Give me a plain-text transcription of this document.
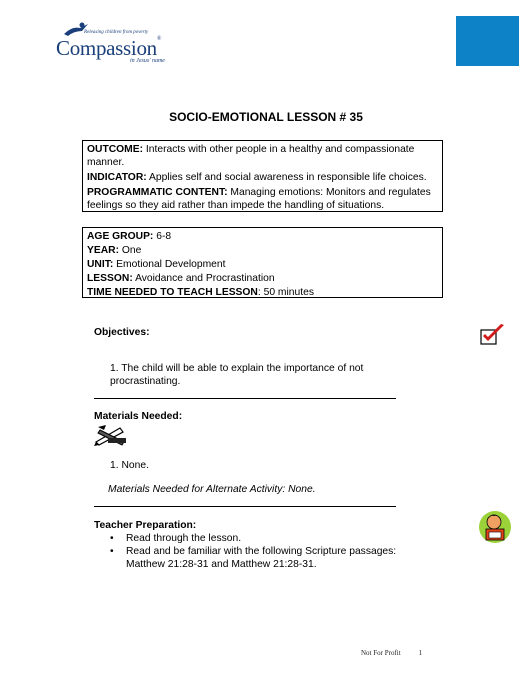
Releasing children from poverty
Compassion®
in Jesus' name
SOCIO-EMOTIONAL LESSON # 35

OUTCOME: Interacts with other people in a healthy and compassionate manner.

INDICATOR: Applies self and social awareness in responsible life choices.

PROGRAMMATIC CONTENT: Managing emotions: Monitors and regulates feelings so they aid rather than impede the handling of situations.

AGE GROUP: 6-8
YEAR: One
UNIT: Emotional Development
LESSON: Avoidance and Procrastination
TIME NEEDED TO TEACH LESSON: 50 minutes
Objectives:
1. The child will be able to explain the importance of not procrastinating.
Materials Needed:
1. None.
Materials Needed for Alternate Activity: None.
Teacher Preparation:
• Read through the lesson.
• Read and be familiar with the following Scripture passages: Matthew 21:28-31 and Matthew 21:28-31.
Not For Profit	1
